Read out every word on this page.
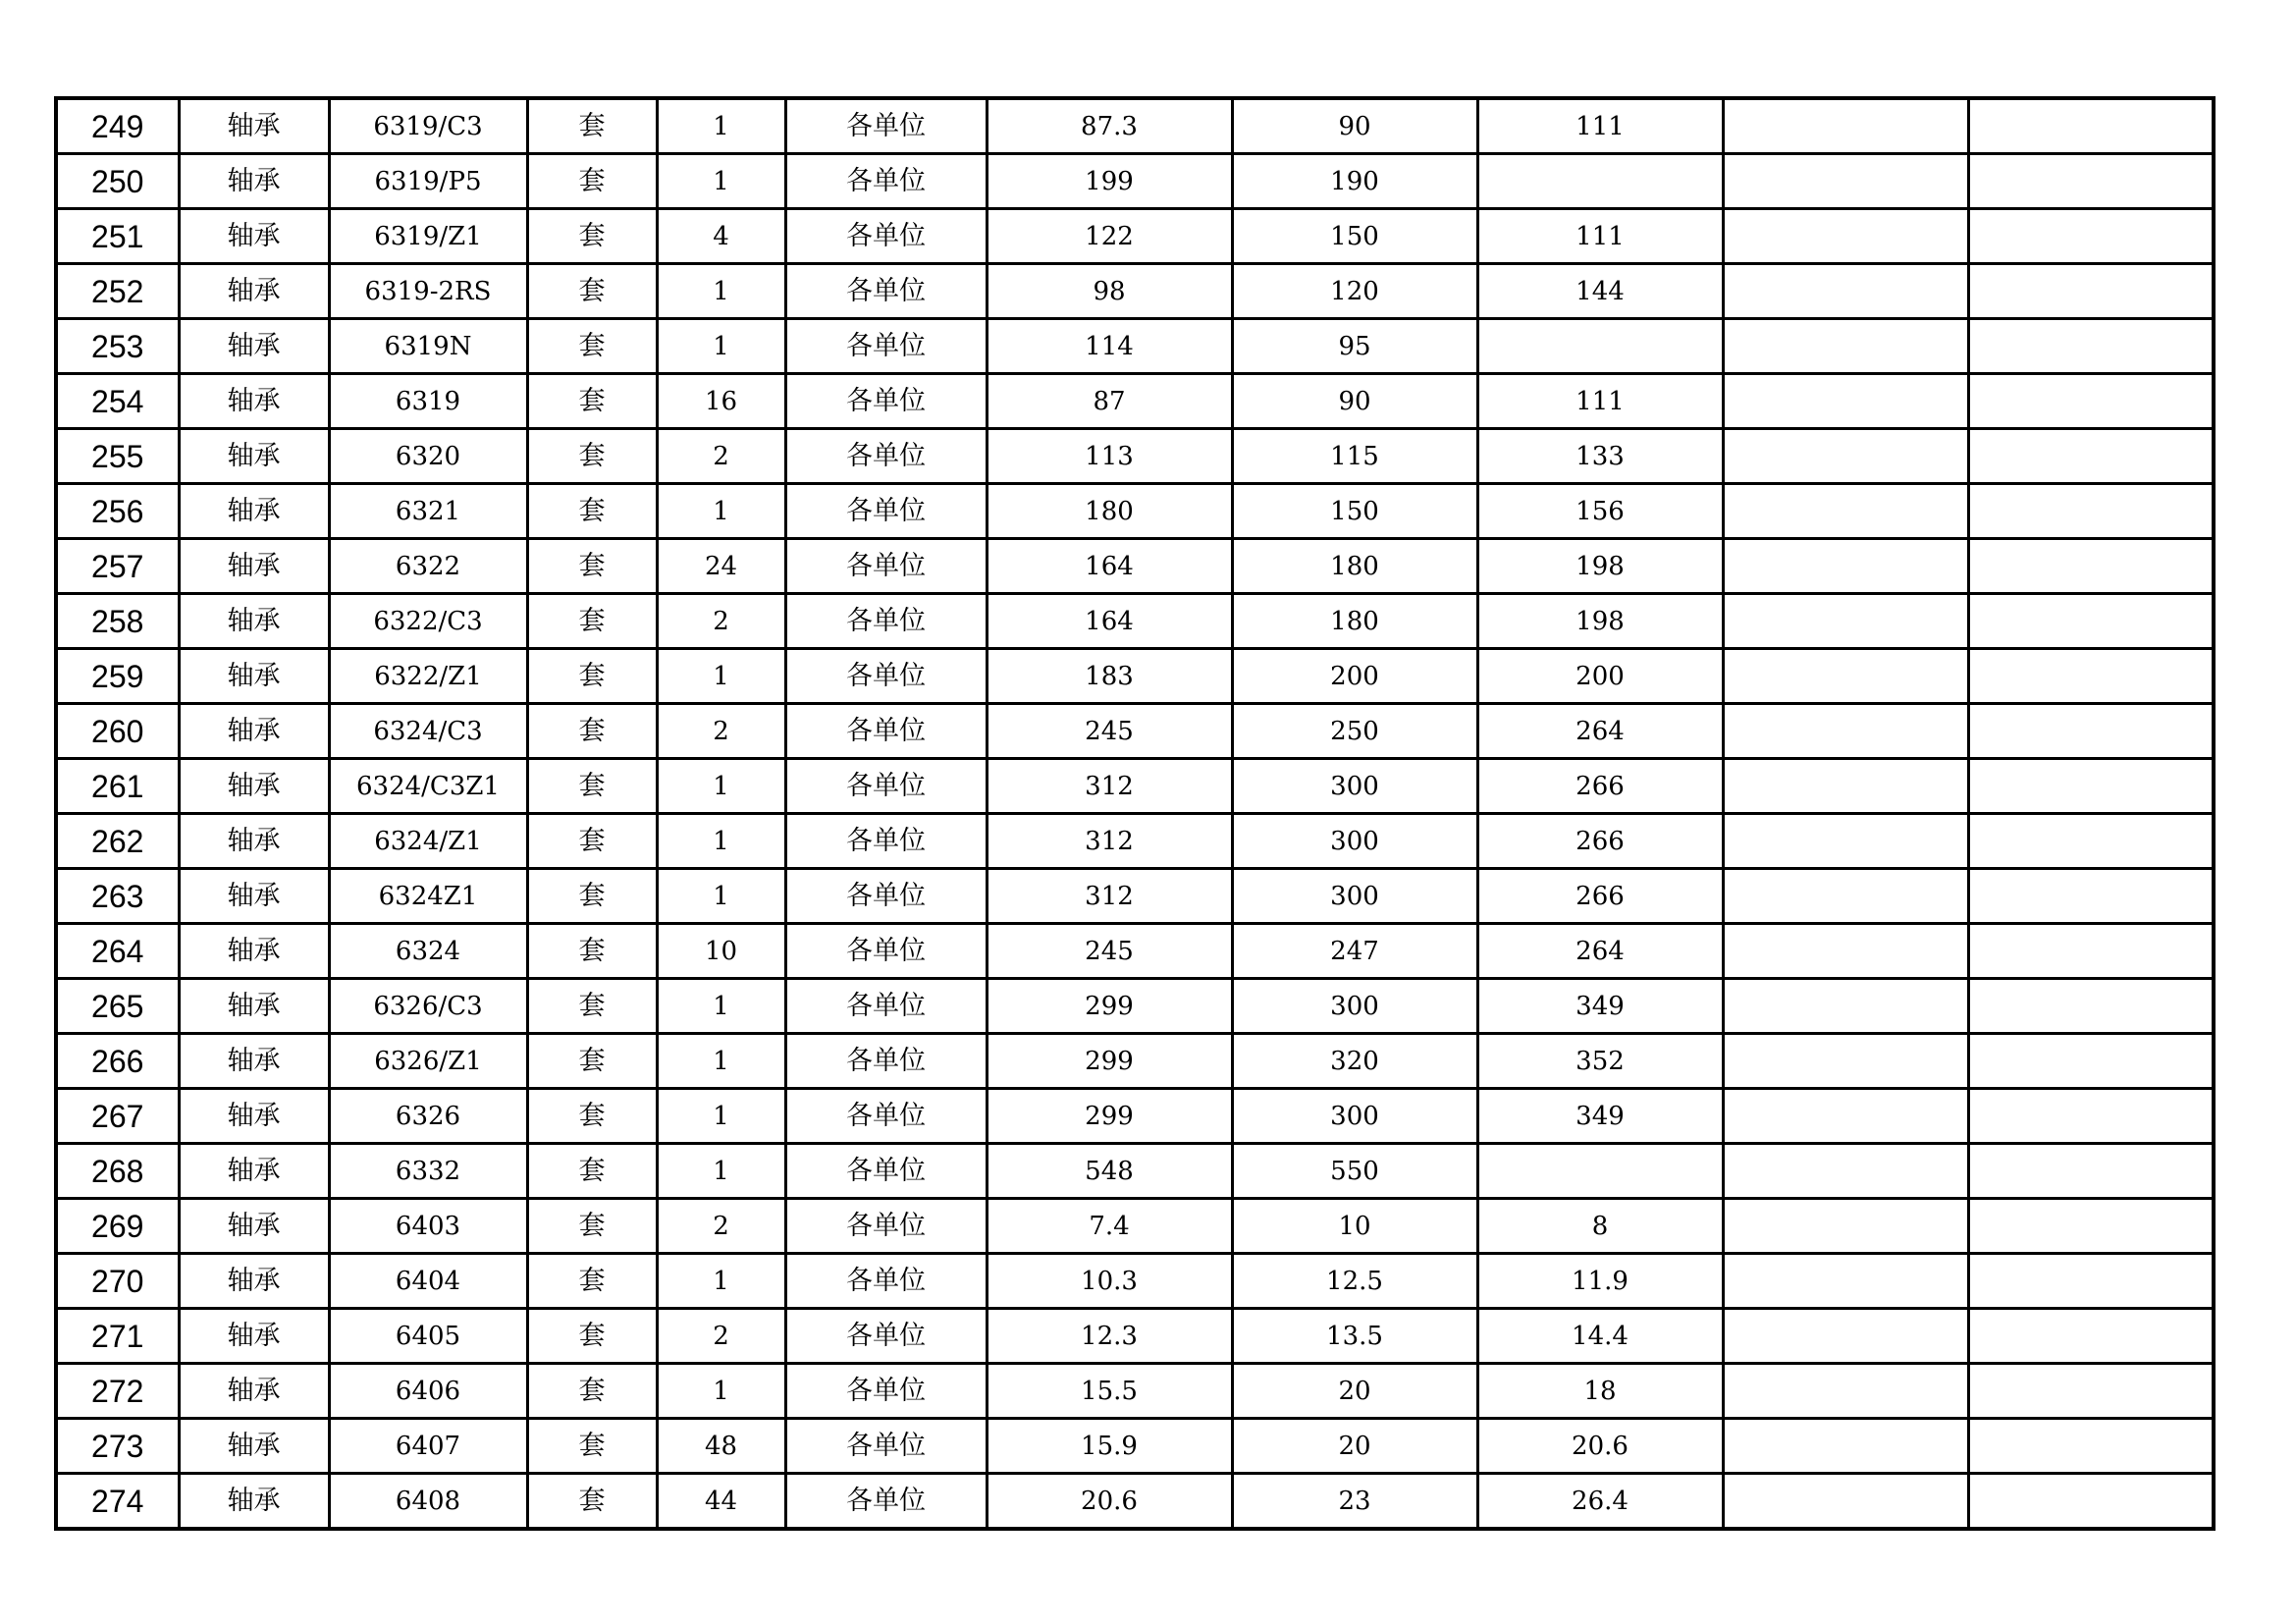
249	轴承	6319/C3	套	1	各单位	87.3	90	111		
250	轴承	6319/P5	套	1	各单位	199	190			
251	轴承	6319/Z1	套	4	各单位	122	150	111		
252	轴承	6319-2RS	套	1	各单位	98	120	144		
253	轴承	6319N	套	1	各单位	114	95			
254	轴承	6319	套	16	各单位	87	90	111		
255	轴承	6320	套	2	各单位	113	115	133		
256	轴承	6321	套	1	各单位	180	150	156		
257	轴承	6322	套	24	各单位	164	180	198		
258	轴承	6322/C3	套	2	各单位	164	180	198		
259	轴承	6322/Z1	套	1	各单位	183	200	200		
260	轴承	6324/C3	套	2	各单位	245	250	264		
261	轴承	6324/C3Z1	套	1	各单位	312	300	266		
262	轴承	6324/Z1	套	1	各单位	312	300	266		
263	轴承	6324Z1	套	1	各单位	312	300	266		
264	轴承	6324	套	10	各单位	245	247	264		
265	轴承	6326/C3	套	1	各单位	299	300	349		
266	轴承	6326/Z1	套	1	各单位	299	320	352		
267	轴承	6326	套	1	各单位	299	300	349		
268	轴承	6332	套	1	各单位	548	550			
269	轴承	6403	套	2	各单位	7.4	10	8		
270	轴承	6404	套	1	各单位	10.3	12.5	11.9		
271	轴承	6405	套	2	各单位	12.3	13.5	14.4		
272	轴承	6406	套	1	各单位	15.5	20	18		
273	轴承	6407	套	48	各单位	15.9	20	20.6		
274	轴承	6408	套	44	各单位	20.6	23	26.4		
